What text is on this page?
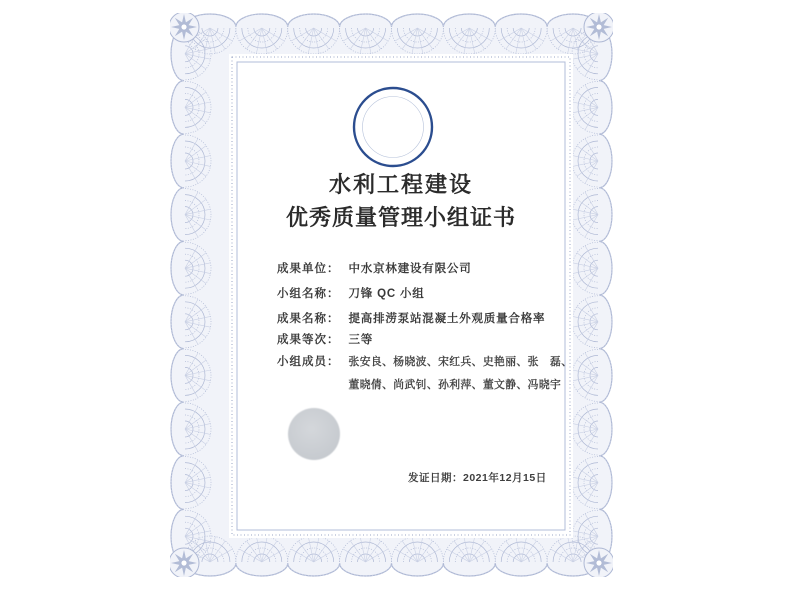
水利工程建设
优秀质量管理小组证书
成果单位： 中水京林建设有限公司
小组名称： 刀锋 QC 小组
成果名称： 提高排涝泵站混凝土外观质量合格率
成果等次： 三等
小组成员： 张安良、杨晓波、宋红兵、史艳丽、张　磊、
董晓倩、尚武钊、孙利萍、董文静、冯晓宇
发证日期：2021年12月15日
